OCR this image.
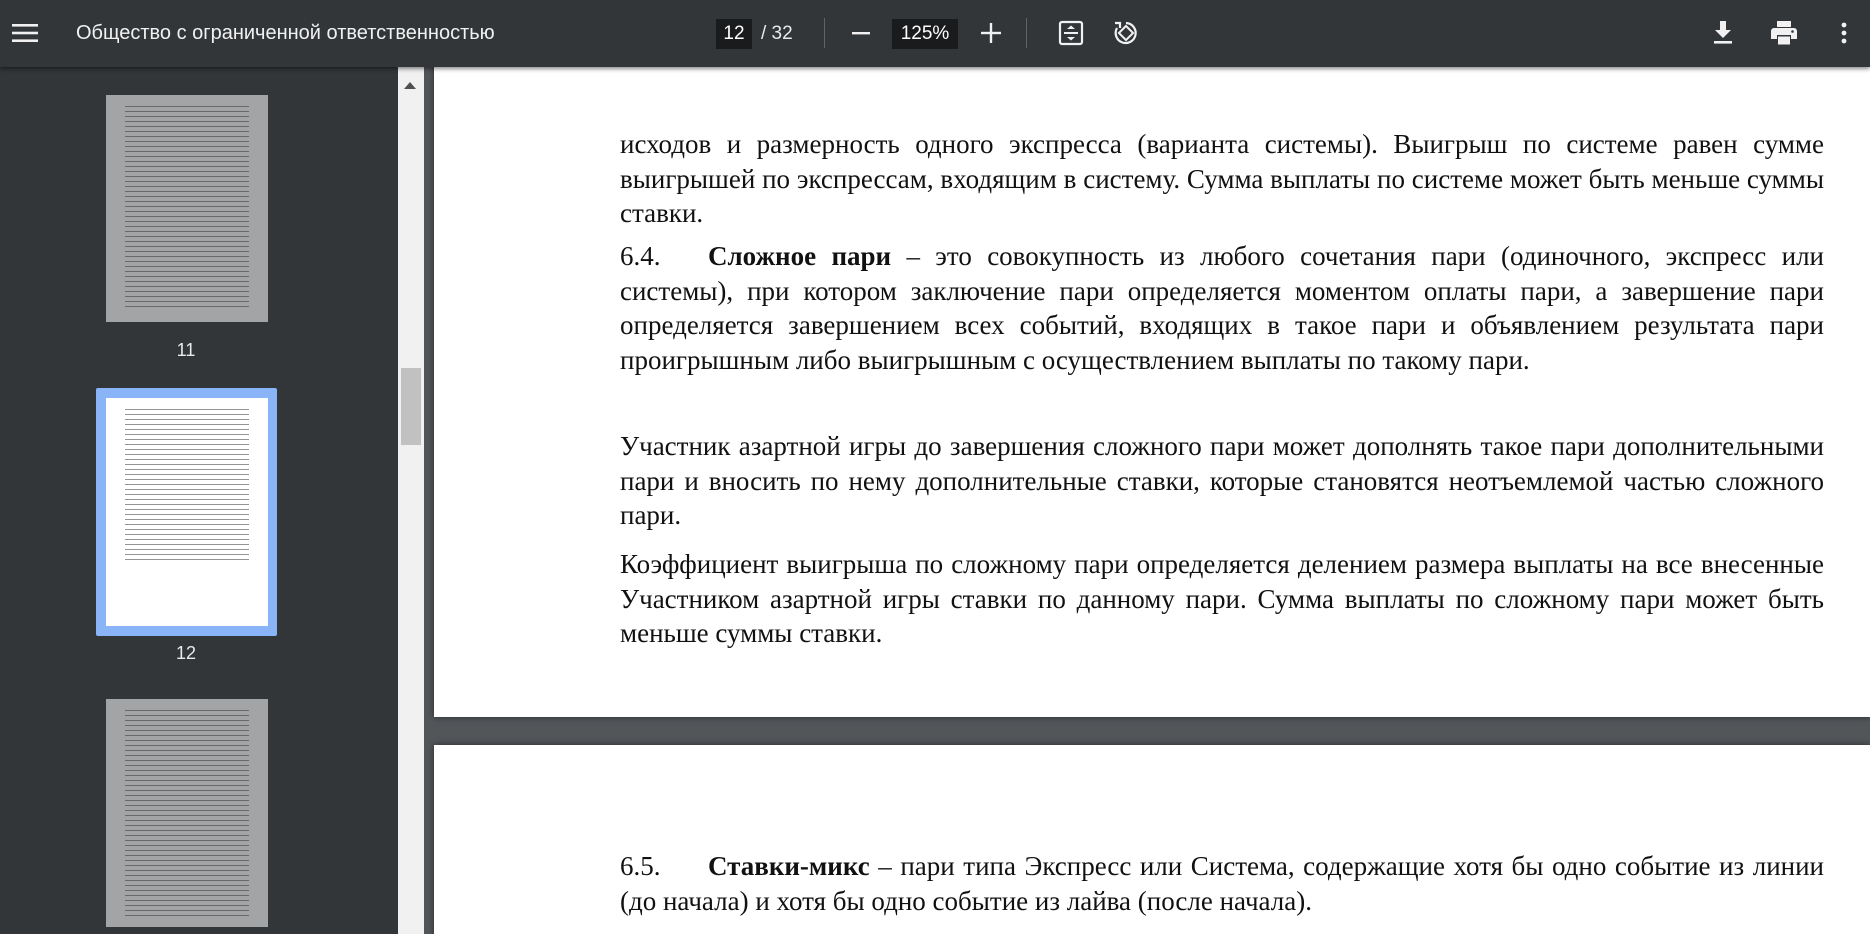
Общество с ограниченной ответственностью	12 / 32	125%
11
12
исходов и размерность одного экспресса (варианта системы). Выигрыш по системе равен сумме выигрышей по экспрессам, входящим в систему. Сумма выплаты по системе может быть меньше суммы ставки.
6.4. Сложное пари – это совокупность из любого сочетания пари (одиночного, экспресс или системы), при котором заключение пари определяется моментом оплаты пари, а завершение пари определяется завершением всех событий, входящих в такое пари и объявлением результата пари проигрышным либо выигрышным с осуществлением выплаты по такому пари.
Участник азартной игры до завершения сложного пари может дополнять такое пари дополнительными пари и вносить по нему дополнительные ставки, которые становятся неотъемлемой частью сложного пари.
Коэффициент выигрыша по сложному пари определяется делением размера выплаты на все внесенные Участником азартной игры ставки по данному пари. Сумма выплаты по сложному пари может быть меньше суммы ставки.
6.5. Ставки-микс – пари типа Экспресс или Система, содержащие хотя бы одно событие из линии (до начала) и хотя бы одно событие из лайва (после начала).
